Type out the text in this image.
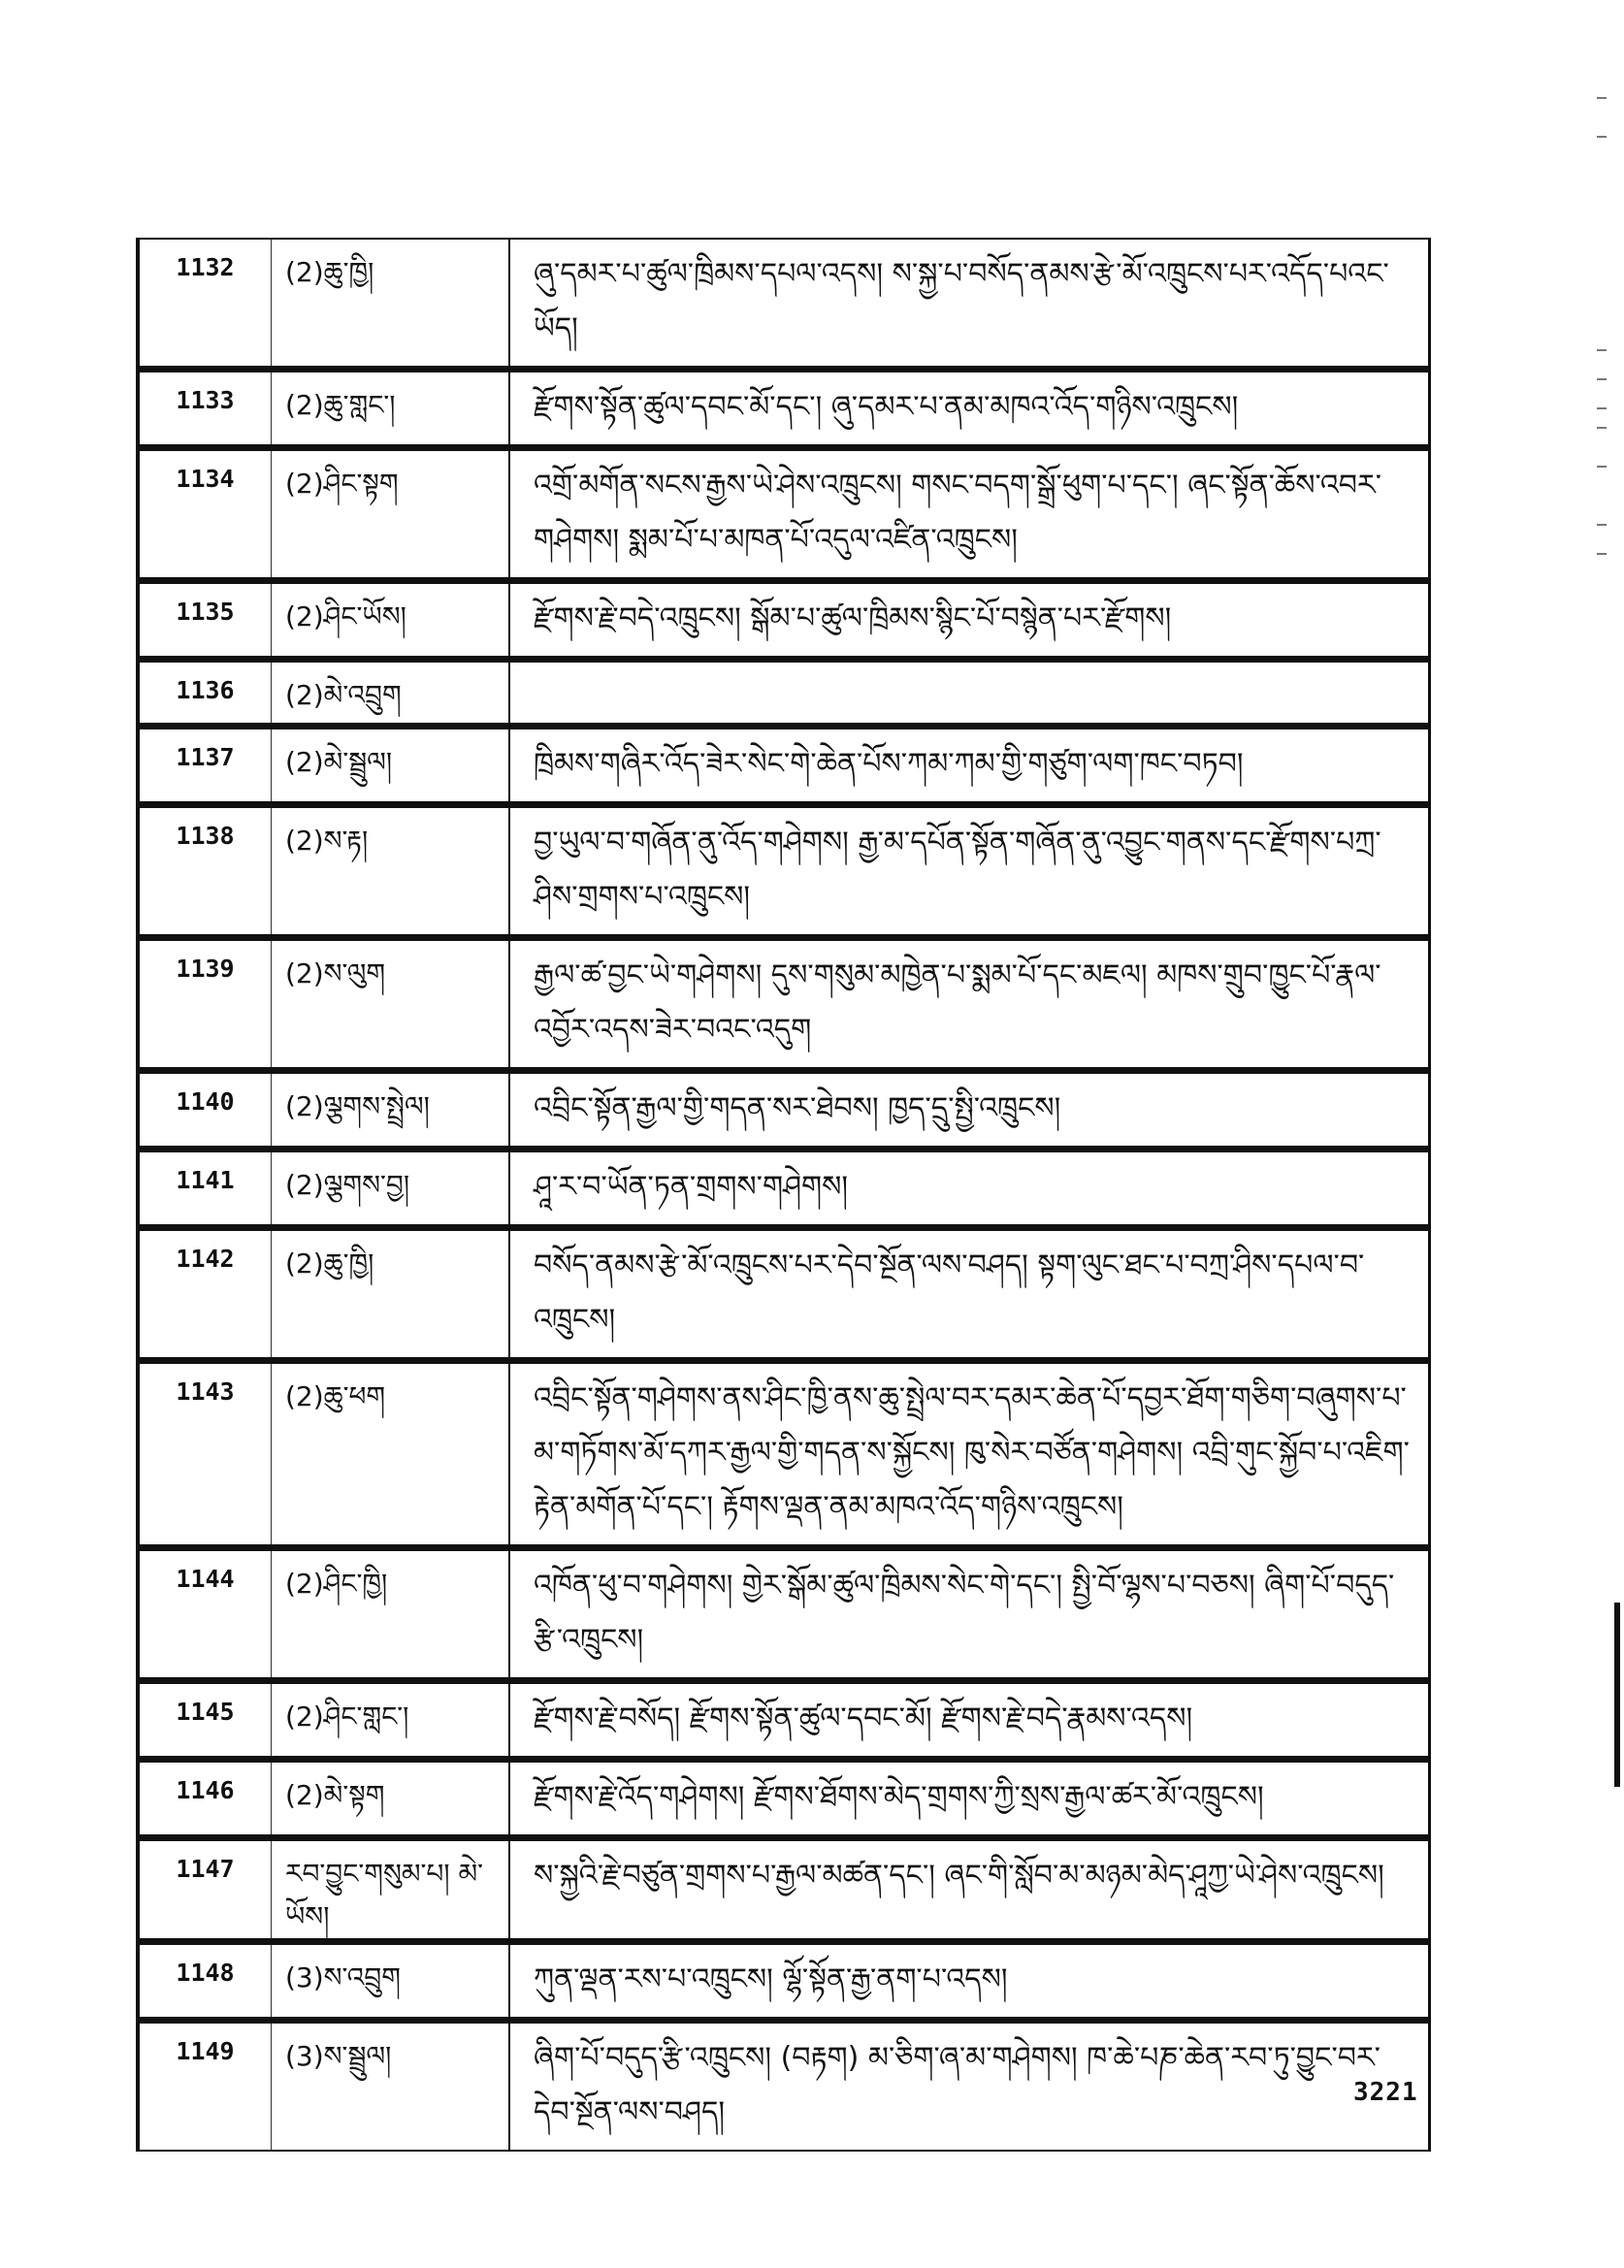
1132	(2)ཆུ་ཁྱི།	ཞུ་དམར་པ་ཚུལ་ཁྲིམས་དཔལ་འདས། ས་སྐྱ་པ་བསོད་ནམས་རྩེ་མོ་འཁྲུངས་པར་འདོད་པའང་ཡོད།
1133	(2)ཆུ་གླང་།	རྫོགས་སྟོན་ཚུལ་དབང་མོ་དང་། ཞུ་དམར་པ་ནམ་མཁའ་འོད་གཉིས་འཁྲུངས།
1134	(2)ཤིང་སྟག	འགྲོ་མགོན་སངས་རྒྱས་ཡེ་ཤེས་འཁྲུངས། གསང་བདག་སྒྲོ་ཕུག་པ་དང་། ཞང་སྟོན་ཆོས་འབར་གཤེགས། སྨམ་པོ་པ་མཁན་པོ་འདུལ་འཛིན་འཁྲུངས།
1135	(2)ཤིང་ཡོས།	རྫོགས་རྗེ་བདེ་འཁྲུངས། སྒོམ་པ་ཚུལ་ཁྲིམས་སྙིང་པོ་བསྙེན་པར་རྫོགས།
1136	(2)མེ་འབྲུག	
1137	(2)མེ་སྦྲུལ།	ཁྲིམས་གཞིར་འོད་ཟེར་སེང་གེ་ཆེན་པོས་ཀམ་ཀམ་གྱི་གཙུག་ལག་ཁང་བཏབ།
1138	(2)ས་རྟ།	བྱ་ཡུལ་བ་གཞོན་ནུ་འོད་གཤེགས། རྒྱ་མ་དཔོན་སྟོན་གཞོན་ནུ་འབྱུང་གནས་དང་རྫོགས་པཀྲ་ཤིས་གྲགས་པ་འཁྲུངས།
1139	(2)ས་ལུག	རྒྱལ་ཚ་བྱང་ཡེ་གཤེགས། དུས་གསུམ་མཁྱེན་པ་སྨམ་པོ་དང་མཇལ། མཁས་གྲུབ་ཁྱུང་པོ་རྣལ་འབྱོར་འདས་ཟེར་བའང་འདུག
1140	(2)ལྕགས་སྤྲེལ།	འབྲིང་སྟོན་རྒྱལ་གྱི་གདན་སར་ཐེབས། ཁྱད་དྲུ་སྤྱི་འཁྲུངས།
1141	(2)ལྕགས་བྱ།	ཤཱ་ར་བ་ཡོན་ཏན་གྲགས་གཤེགས།
1142	(2)ཆུ་ཁྱི།	བསོད་ནམས་རྩེ་མོ་འཁྲུངས་པར་དེབ་སྔོན་ལས་བཤད། སྟག་ལུང་ཐང་པ་བཀྲ་ཤིས་དཔལ་བ་འཁྲུངས།
1143	(2)ཆུ་ཕག	འབྲིང་སྟོན་གཤེགས་ནས་ཤིང་ཁྱི་ནས་ཆུ་སྤྲེལ་བར་དམར་ཆེན་པོ་དབྱར་ཐོག་གཅིག་བཞུགས་པ་མ་གཏོགས་མོ་དཀར་རྒྱལ་གྱི་གདན་ས་སྐྱོངས། ཁུ་སེར་བཙོན་གཤེགས། འབྲི་གུང་སྐྱོབ་པ་འཇིག་རྟེན་མགོན་པོ་དང་། རྟོགས་ལྡན་ནམ་མཁའ་འོད་གཉིས་འཁྲུངས།
1144	(2)ཤིང་ཁྱི།	འཁོན་ཕུ་བ་གཤེགས། གྱེར་སྒོམ་ཚུལ་ཁྲིམས་སེང་གེ་དང་། སྤྱི་བོ་ལྷས་པ་བཅས། ཞིག་པོ་བདུད་རྩི་འཁྲུངས།
1145	(2)ཤིང་གླང་།	རྫོགས་རྗེ་བསོད། རྫོགས་སྟོན་ཚུལ་དབང་མོ། རྫོགས་རྗེ་བདེ་རྣམས་འདས།
1146	(2)མེ་སྟག	རྫོགས་རྗེ་འོད་གཤེགས། རྫོགས་ཐོགས་མེད་གྲགས་ཀྱི་སྲས་རྒྱལ་ཚར་མོ་འཁྲུངས།
1147	རབ་བྱུང་གསུམ་པ། མེ་ཡོས།	ས་སྐྱའི་རྗེ་བཙུན་གྲགས་པ་རྒྱལ་མཚན་དང་། ཞང་གི་སློབ་མ་མཉམ་མེད་ཤཱཀྱ་ཡེ་ཤེས་འཁྲུངས།
1148	(3)ས་འབྲུག	ཀུན་ལྡན་རས་པ་འཁྲུངས། ལྷོ་སྟོན་རྒྱ་ནག་པ་འདས།
1149	(3)ས་སྦྲུལ།	ཞིག་པོ་བདུད་རྩི་འཁྲུངས། (བརྟག) མ་ཅིག་ཞ་མ་གཤེགས། ཁ་ཆེ་པཎ་ཆེན་རབ་ཏུ་བྱུང་བར་དེབ་སྔོན་ལས་བཤད།
3221
